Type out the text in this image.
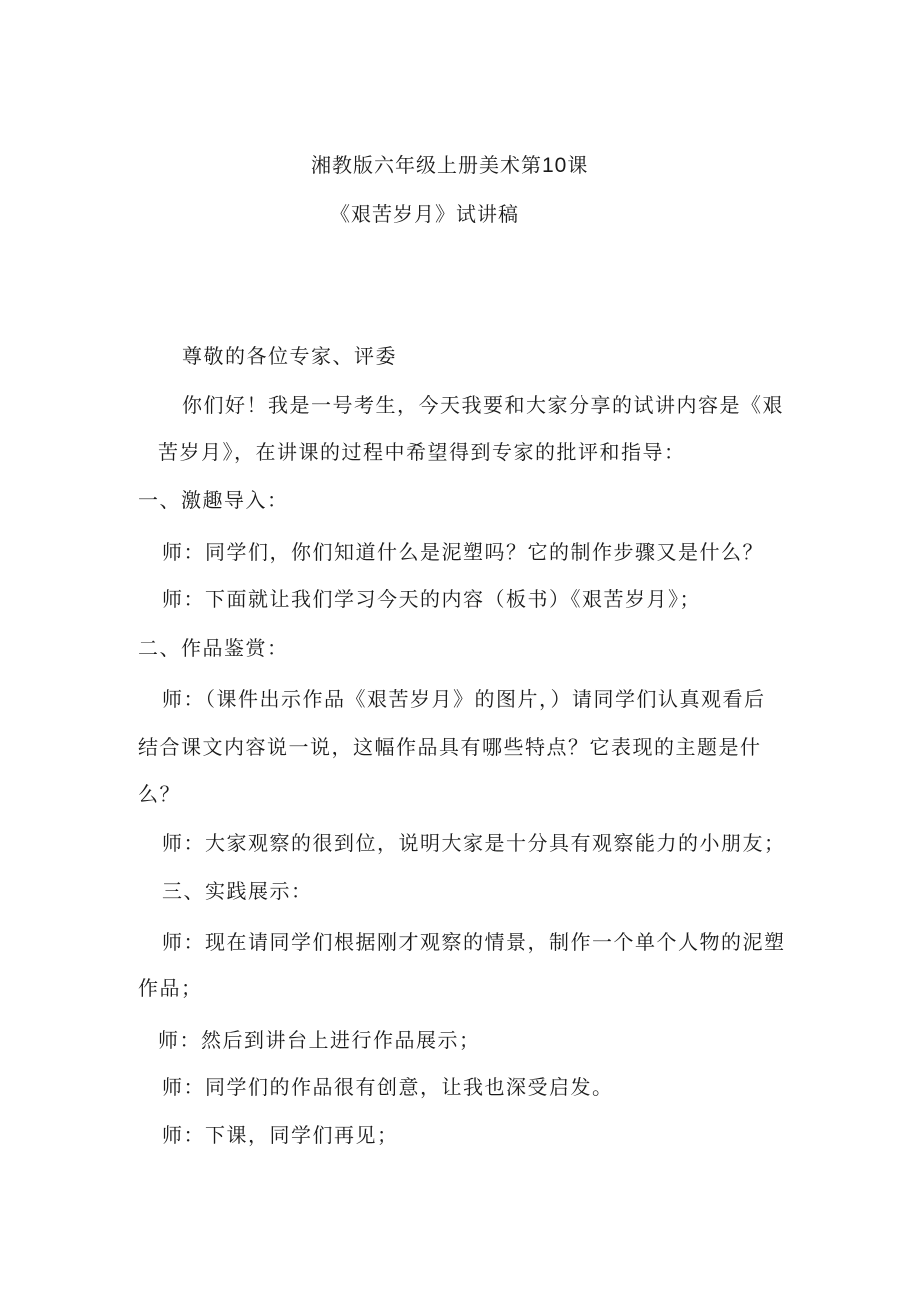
湘教版六年级上册美术第10课

《艰苦岁月》试讲稿

尊敬的各位专家、评委

你们好！我是一号考生，今天我要和大家分享的试讲内容是《艰

苦岁月》，在讲课的过程中希望得到专家的批评和指导：

一、激趣导入：

师：同学们，你们知道什么是泥塑吗？它的制作步骤又是什么？

师：下面就让我们学习今天的内容（板书）《艰苦岁月》；

二、作品鉴赏：

师：（课件出示作品《艰苦岁月》的图片，）请同学们认真观看后

结合课文内容说一说，这幅作品具有哪些特点？它表现的主题是什

么？

师：大家观察的很到位，说明大家是十分具有观察能力的小朋友；

三、实践展示：

师：现在请同学们根据刚才观察的情景，制作一个单个人物的泥塑

作品；

师：然后到讲台上进行作品展示；

师：同学们的作品很有创意，让我也深受启发。

师：下课，同学们再见；
